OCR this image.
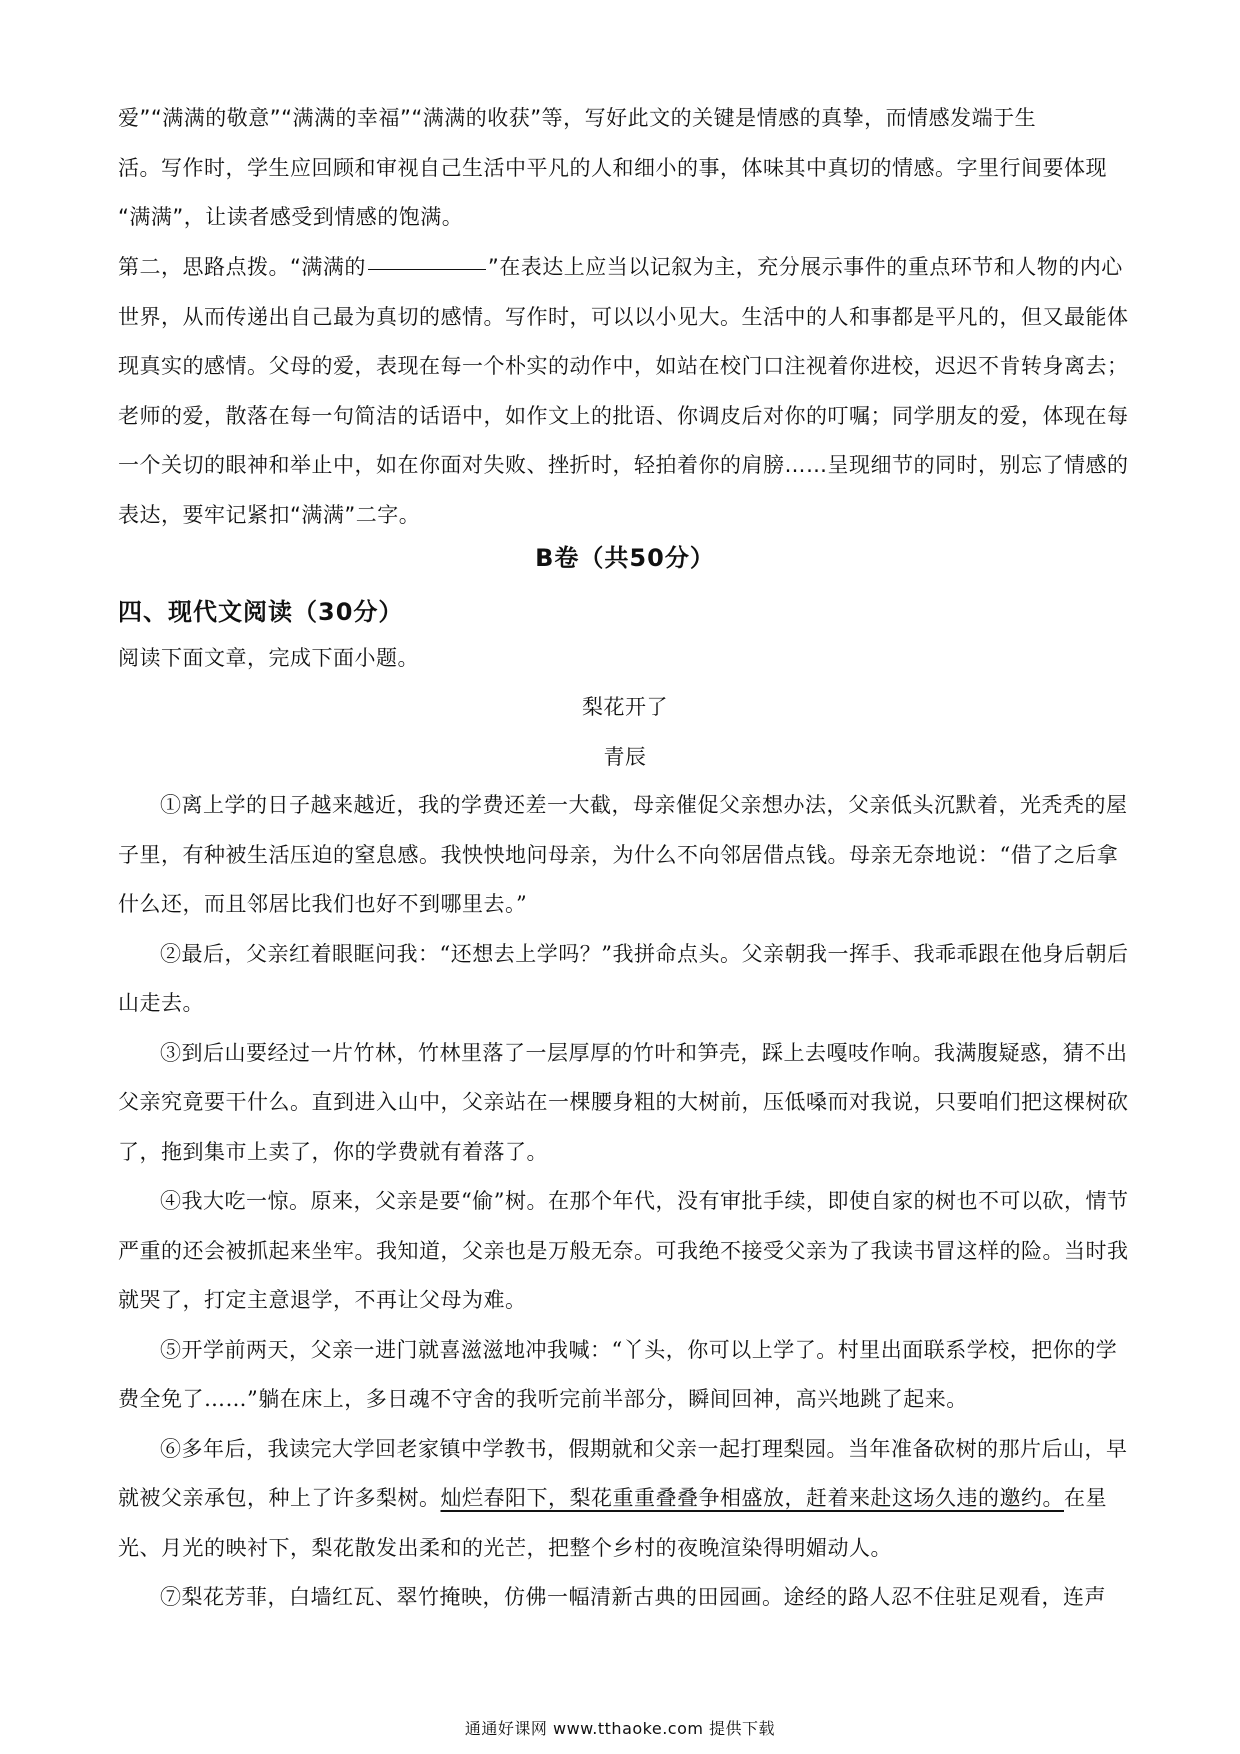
爱”“满满的敬意”“满满的幸福”“满满的收获”等，写好此文的关键是情感的真挚，而情感发端于生

活。写作时，学生应回顾和审视自己生活中平凡的人和细小的事，体味其中真切的情感。字里行间要体现

“满满”，让读者感受到情感的饱满。

第二，思路点拨。“满满的	”在表达上应当以记叙为主，充分展示事件的重点环节和人物的内心世界，从而传递出自己最为真切的感情。写作时，可以以小见大。生活中的人和事都是平凡的，但又最能体现真实的感情。父母的爱，表现在每一个朴实的动作中，如站在校门口注视着你进校，迟迟不肯转身离去；老师的爱，散落在每一句简洁的话语中，如作文上的批语、你调皮后对你的叮嘱；同学朋友的爱，体现在每一个关切的眼神和举止中，如在你面对失败、挫折时，轻拍着你的肩膀……呈现细节的同时，别忘了情感的表达，要牢记紧扣“满满”二字。

B卷（共50分）
四、现代文阅读（30分）
阅读下面文章，完成下面小题。
梨花开了
青辰

①离上学的日子越来越近，我的学费还差一大截，母亲催促父亲想办法，父亲低头沉默着，光秃秃的屋子里，有种被生活压迫的窒息感。我怏怏地问母亲，为什么不向邻居借点钱。母亲无奈地说：“借了之后拿什么还，而且邻居比我们也好不到哪里去。”

②最后，父亲红着眼眶问我：“还想去上学吗？”我拼命点头。父亲朝我一挥手、我乖乖跟在他身后朝后山走去。

③到后山要经过一片竹林，竹林里落了一层厚厚的竹叶和笋壳，踩上去嘎吱作响。我满腹疑惑，猜不出父亲究竟要干什么。直到进入山中，父亲站在一棵腰身粗的大树前，压低嗓而对我说，只要咱们把这棵树砍了，拖到集市上卖了，你的学费就有着落了。

④我大吃一惊。原来，父亲是要“偷”树。在那个年代，没有审批手续，即使自家的树也不可以砍，情节严重的还会被抓起来坐牢。我知道，父亲也是万般无奈。可我绝不接受父亲为了我读书冒这样的险。当时我就哭了，打定主意退学，不再让父母为难。

⑤开学前两天，父亲一进门就喜滋滋地冲我喊：“丫头，你可以上学了。村里出面联系学校，把你的学费全免了……”躺在床上，多日魂不守舍的我听完前半部分，瞬间回神，高兴地跳了起来。

⑥多年后，我读完大学回老家镇中学教书，假期就和父亲一起打理梨园。当年准备砍树的那片后山，早就被父亲承包，种上了许多梨树。灿烂春阳下，梨花重重叠叠争相盛放，赶着来赴这场久违的邀约。在星光、月光的映衬下，梨花散发出柔和的光芒，把整个乡村的夜晚渲染得明媚动人。

⑦梨花芳菲，白墙红瓦、翠竹掩映，仿佛一幅清新古典的田园画。途经的路人忍不住驻足观看，连声

通通好课网 www.tthaoke.com 提供下载
